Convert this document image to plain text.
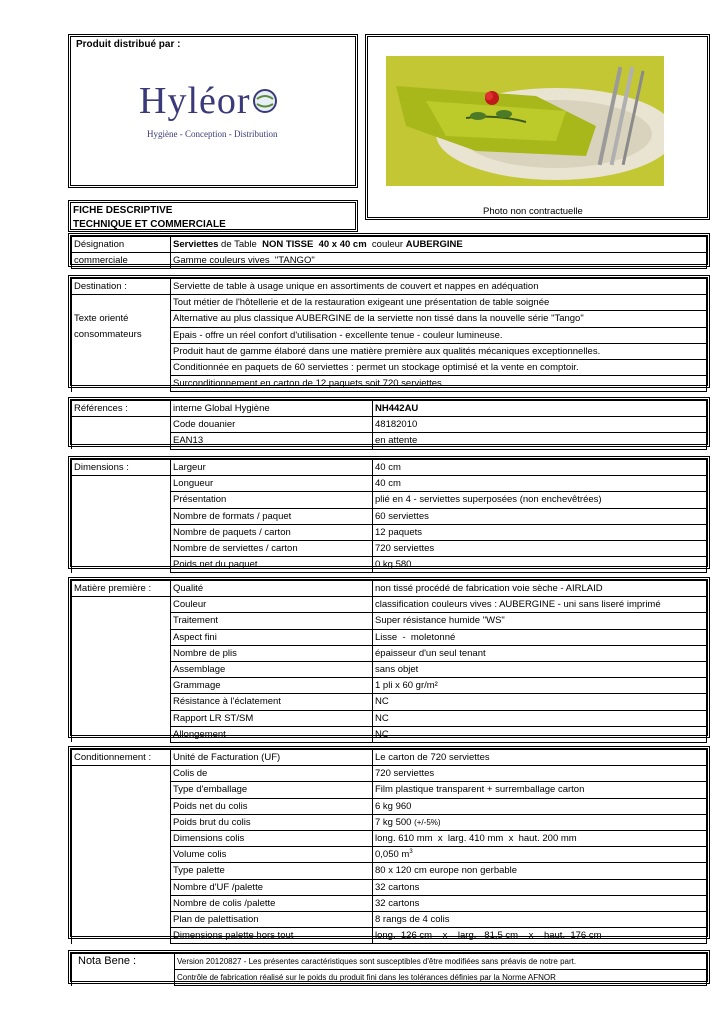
Produit distribué par :
Hyléor
Hygiène - Conception - Distribution
Photo non contractuelle
FICHE DESCRIPTIVE
TECHNIQUE ET COMMERCIALE
Désignation	Serviettes de Table  NON TISSE  40 x 40 cm  couleur AUBERGINE
commerciale	Gamme couleurs vives  "TANGO"
Destination :	Serviette de table à usage unique en assortiments de couvert et nappes en adéquation
	Tout métier de l'hôtellerie et de la restauration exigeant une présentation de table soignée
Texte orienté	Alternative au plus classique AUBERGINE de la serviette non tissé dans la nouvelle série "Tango"
consommateurs	Epais - offre un réel confort d'utilisation - excellente tenue - couleur lumineuse.
	Produit haut de gamme élaboré dans une matière première aux qualités mécaniques exceptionnelles.
	Conditionnée en paquets de 60 serviettes : permet un stockage optimisé et la vente en comptoir.
	Surconditionnement en carton de 12 paquets soit 720 serviettes
Références :	interne Global Hygiène	NH442AU
	Code douanier	48182010
	EAN13	en attente
Dimensions :	Largeur	40 cm
	Longueur	40 cm
	Présentation	plié en 4 - serviettes superposées (non enchevêtrées)
	Nombre de formats / paquet	60 serviettes
	Nombre de paquets / carton	12 paquets
	Nombre de serviettes / carton	720 serviettes
	Poids net du paquet	0 kg 580
Matière première :	Qualité	non tissé procédé de fabrication voie sèche - AIRLAID
	Couleur	classification couleurs vives : AUBERGINE - uni sans liseré imprimé
	Traitement	Super résistance humide "WS"
	Aspect fini	Lisse  -  moletonné
	Nombre de plis	épaisseur d'un seul tenant
	Assemblage	sans objet
	Grammage	1 pli x 60 gr/m²
	Résistance à l'éclatement	NC
	Rapport LR ST/SM	NC
	Allongement	NC
Conditionnement :	Unité de Facturation (UF)	Le carton de 720 serviettes
	Colis de	720 serviettes
	Type d'emballage	Film plastique transparent + surremballage carton
	Poids net du colis	6 kg 960
	Poids brut du colis	7 kg 500 (+/-5%)
	Dimensions colis	long. 610 mm  x  larg. 410 mm  x  haut. 200 mm
	Volume colis	0,050 $m^3$
	Type palette	80 x 120 cm europe non gerbable
	Nombre d'UF /palette	32 cartons
	Nombre de colis /palette	32 cartons
	Plan de palettisation	8 rangs de 4 colis
	Dimensions palette hors tout	long.  126 cm    x    larg.   81,5 cm    x    haut.  176 cm
Nota Bene :	Version 20120827 - Les présentes caractéristiques sont susceptibles d'être modifiées sans préavis de notre part.
Contrôle de fabrication réalisé sur le poids du produit fini dans les tolérances définies par la Norme AFNOR
